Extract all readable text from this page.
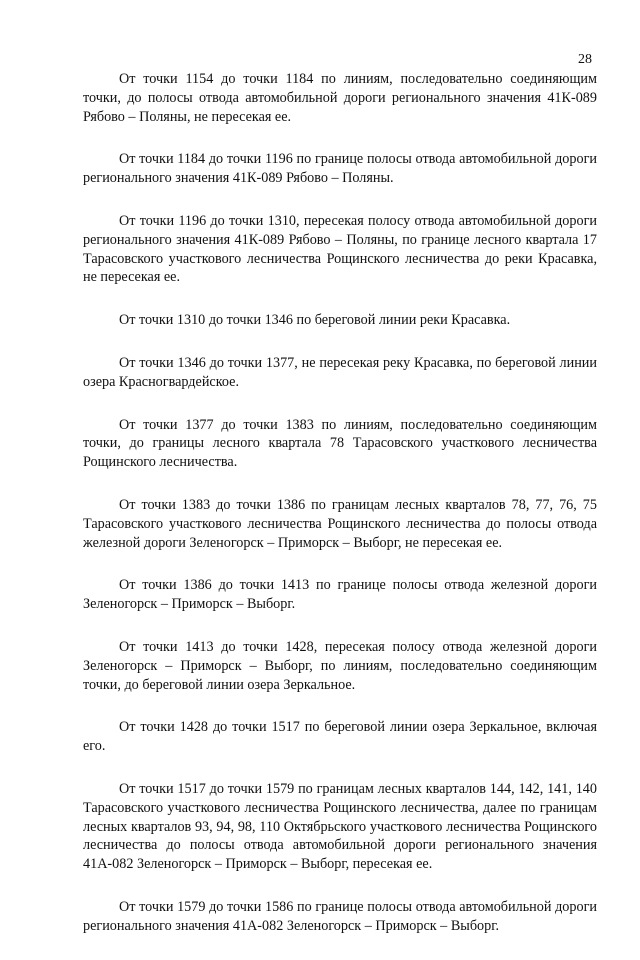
28

От точки 1154 до точки 1184 по линиям, последовательно соединяющим точки, до полосы отвода автомобильной дороги регионального значения 41К-089 Рябово – Поляны, не пересекая ее.

От точки 1184 до точки 1196 по границе полосы отвода автомобильной дороги регионального значения 41К-089 Рябово – Поляны.

От точки 1196 до точки 1310, пересекая полосу отвода автомобильной дороги регионального значения 41К-089 Рябово – Поляны, по границе лесного квартала 17 Тарасовского участкового лесничества Рощинского лесничества до реки Красавка, не пересекая ее.

От точки 1310 до точки 1346 по береговой линии реки Красавка.

От точки 1346 до точки 1377, не пересекая реку Красавка, по береговой линии озера Красногвардейское.

От точки 1377 до точки 1383 по линиям, последовательно соединяющим точки, до границы лесного квартала 78 Тарасовского участкового лесничества Рощинского лесничества.

От точки 1383 до точки 1386 по границам лесных кварталов 78, 77, 76, 75 Тарасовского участкового лесничества Рощинского лесничества до полосы отвода железной дороги Зеленогорск – Приморск – Выборг, не пересекая ее.

От точки 1386 до точки 1413 по границе полосы отвода железной дороги Зеленогорск – Приморск – Выборг.

От точки 1413 до точки 1428, пересекая полосу отвода железной дороги Зеленогорск – Приморск – Выборг, по линиям, последовательно соединяющим точки, до береговой линии озера Зеркальное.

От точки 1428 до точки 1517 по береговой линии озера Зеркальное, включая его.

От точки 1517 до точки 1579 по границам лесных кварталов 144, 142, 141, 140 Тарасовского участкового лесничества Рощинского лесничества, далее по границам лесных кварталов 93, 94, 98, 110 Октябрьского участкового лесничества Рощинского лесничества до полосы отвода автомобильной дороги регионального значения 41А-082 Зеленогорск – Приморск – Выборг, пересекая ее.

От точки 1579 до точки 1586 по границе полосы отвода автомобильной дороги регионального значения 41А-082 Зеленогорск – Приморск – Выборг.
